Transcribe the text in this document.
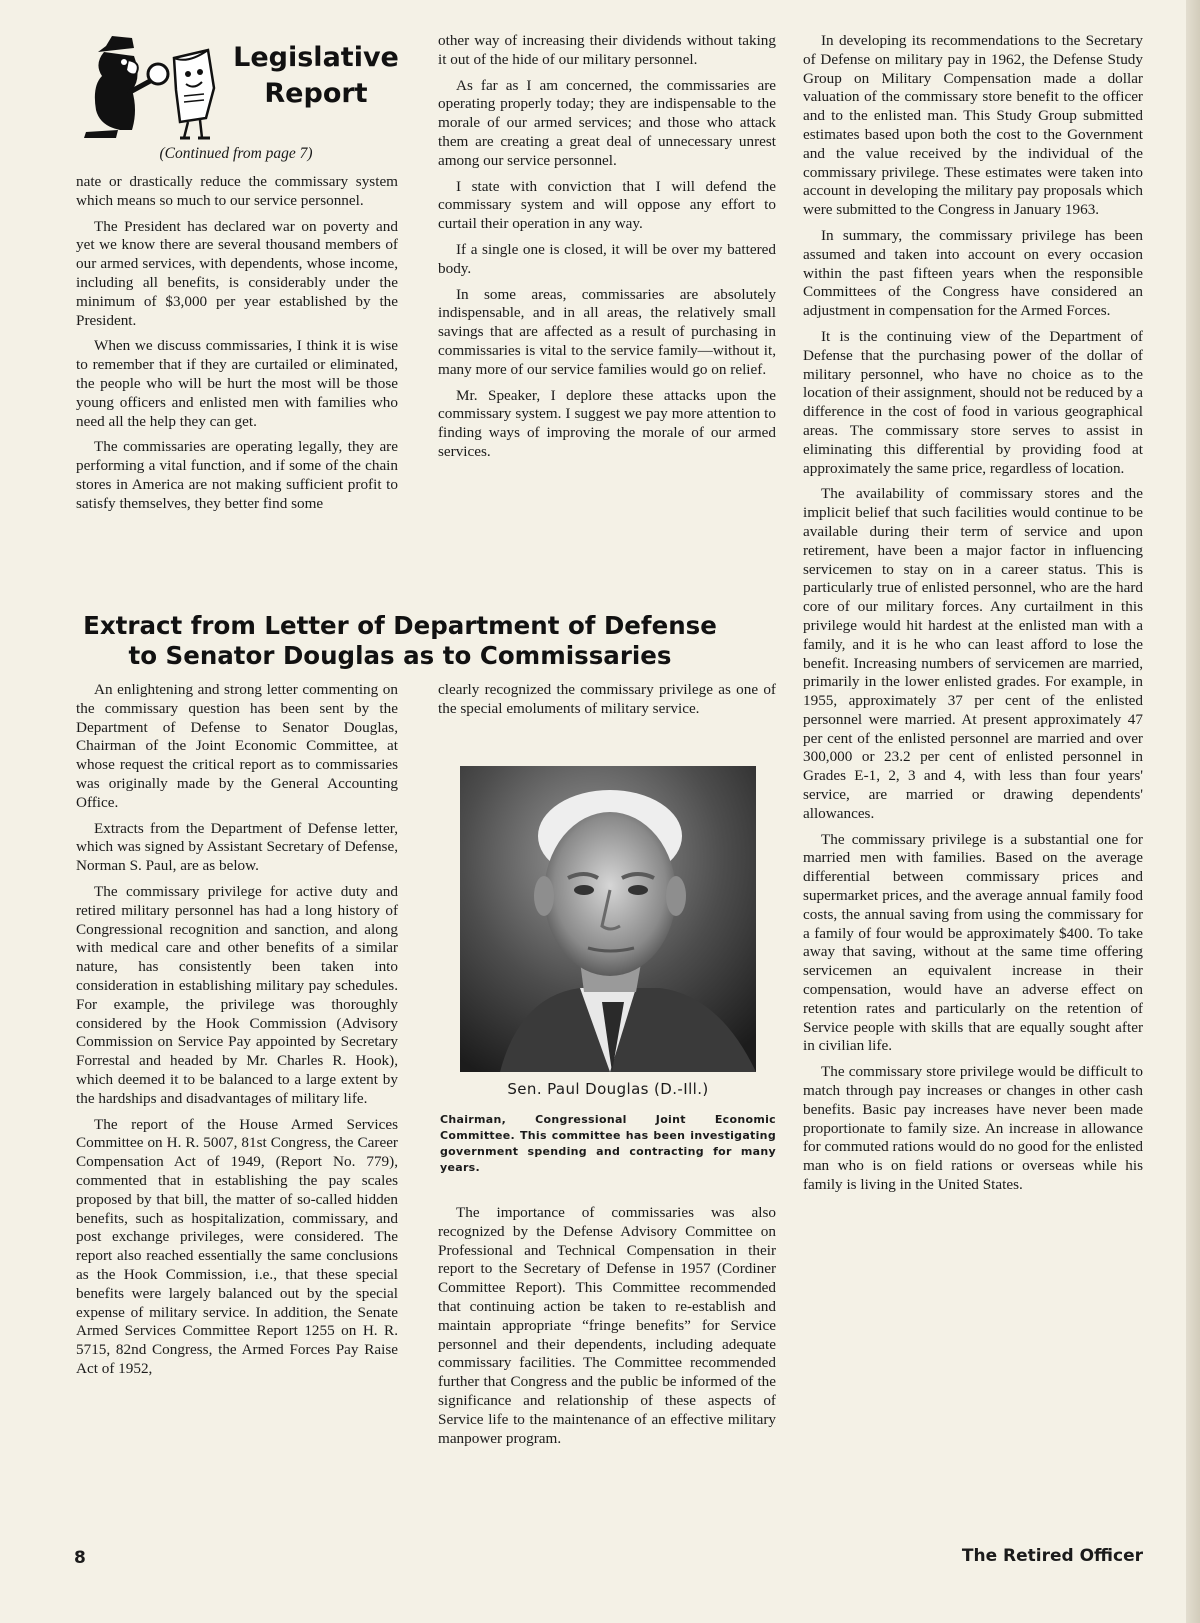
Legislative Report
(Continued from page 7)

nate or drastically reduce the commissary system which means so much to our service personnel.

The President has declared war on poverty and yet we know there are several thousand members of our armed services, with dependents, whose income, including all benefits, is considerably under the minimum of $3,000 per year established by the President.

When we discuss commissaries, I think it is wise to remember that if they are curtailed or eliminated, the people who will be hurt the most will be those young officers and enlisted men with families who need all the help they can get.

The commissaries are operating legally, they are performing a vital function, and if some of the chain stores in America are not making sufficient profit to satisfy themselves, they better find some

other way of increasing their dividends without taking it out of the hide of our military personnel.

As far as I am concerned, the commissaries are operating properly today; they are indispensable to the morale of our armed services; and those who attack them are creating a great deal of unnecessary unrest among our service personnel.

I state with conviction that I will defend the commissary system and will oppose any effort to curtail their operation in any way.

If a single one is closed, it will be over my battered body.

In some areas, commissaries are absolutely indispensable, and in all areas, the relatively small savings that are affected as a result of purchasing in commissaries is vital to the service family—without it, many more of our service families would go on relief.

Mr. Speaker, I deplore these attacks upon the commissary system. I suggest we pay more attention to finding ways of improving the morale of our armed services.

Extract from Letter of Department of Defense
to Senator Douglas as to Commissaries

An enlightening and strong letter commenting on the commissary question has been sent by the Department of Defense to Senator Douglas, Chairman of the Joint Economic Committee, at whose request the critical report as to commissaries was originally made by the General Accounting Office.

Extracts from the Department of Defense letter, which was signed by Assistant Secretary of Defense, Norman S. Paul, are as below.

The commissary privilege for active duty and retired military personnel has had a long history of Congressional recognition and sanction, and along with medical care and other benefits of a similar nature, has consistently been taken into consideration in establishing military pay schedules. For example, the privilege was thoroughly considered by the Hook Commission (Advisory Commission on Service Pay appointed by Secretary Forrestal and headed by Mr. Charles R. Hook), which deemed it to be balanced to a large extent by the hardships and disadvantages of military life.

The report of the House Armed Services Committee on H. R. 5007, 81st Congress, the Career Compensation Act of 1949, (Report No. 779), commented that in establishing the pay scales proposed by that bill, the matter of so-called hidden benefits, such as hospitalization, commissary, and post exchange privileges, were considered. The report also reached essentially the same conclusions as the Hook Commission, i.e., that these special benefits were largely balanced out by the special expense of military service. In addition, the Senate Armed Services Committee Report 1255 on H. R. 5715, 82nd Congress, the Armed Forces Pay Raise Act of 1952,

clearly recognized the commissary privilege as one of the special emoluments of military service.

Sen. Paul Douglas (D.-Ill.)
Chairman, Congressional Joint Economic Committee. This committee has been investigating government spending and contracting for many years.

The importance of commissaries was also recognized by the Defense Advisory Committee on Professional and Technical Compensation in their report to the Secretary of Defense in 1957 (Cordiner Committee Report). This Committee recommended that continuing action be taken to re-establish and maintain appropriate “fringe benefits” for Service personnel and their dependents, including adequate commissary facilities. The Committee recommended further that Congress and the public be informed of the significance and relationship of these aspects of Service life to the maintenance of an effective military manpower program.

In developing its recommendations to the Secretary of Defense on military pay in 1962, the Defense Study Group on Military Compensation made a dollar valuation of the commissary store benefit to the officer and to the enlisted man. This Study Group submitted estimates based upon both the cost to the Government and the value received by the individual of the commissary privilege. These estimates were taken into account in developing the military pay proposals which were submitted to the Congress in January 1963.

In summary, the commissary privilege has been assumed and taken into account on every occasion within the past fifteen years when the responsible Committees of the Congress have considered an adjustment in compensation for the Armed Forces.

It is the continuing view of the Department of Defense that the purchasing power of the dollar of military personnel, who have no choice as to the location of their assignment, should not be reduced by a difference in the cost of food in various geographical areas. The commissary store serves to assist in eliminating this differential by providing food at approximately the same price, regardless of location.

The availability of commissary stores and the implicit belief that such facilities would continue to be available during their term of service and upon retirement, have been a major factor in influencing servicemen to stay on in a career status. This is particularly true of enlisted personnel, who are the hard core of our military forces. Any curtailment in this privilege would hit hardest at the enlisted man with a family, and it is he who can least afford to lose the benefit. Increasing numbers of servicemen are married, primarily in the lower enlisted grades. For example, in 1955, approximately 37 per cent of the enlisted personnel were married. At present approximately 47 per cent of the enlisted personnel are married and over 300,000 or 23.2 per cent of enlisted personnel in Grades E-1, 2, 3 and 4, with less than four years' service, are married or drawing dependents' allowances.

The commissary privilege is a substantial one for married men with families. Based on the average differential between commissary prices and supermarket prices, and the average annual family food costs, the annual saving from using the commissary for a family of four would be approximately $400. To take away that saving, without at the same time offering servicemen an equivalent increase in their compensation, would have an adverse effect on retention rates and particularly on the retention of Service people with skills that are equally sought after in civilian life.

The commissary store privilege would be difficult to match through pay increases or changes in other cash benefits. Basic pay increases have never been made proportionate to family size. An increase in allowance for commuted rations would do no good for the enlisted man who is on field rations or overseas while his family is living in the United States.

8	The Retired Officer
